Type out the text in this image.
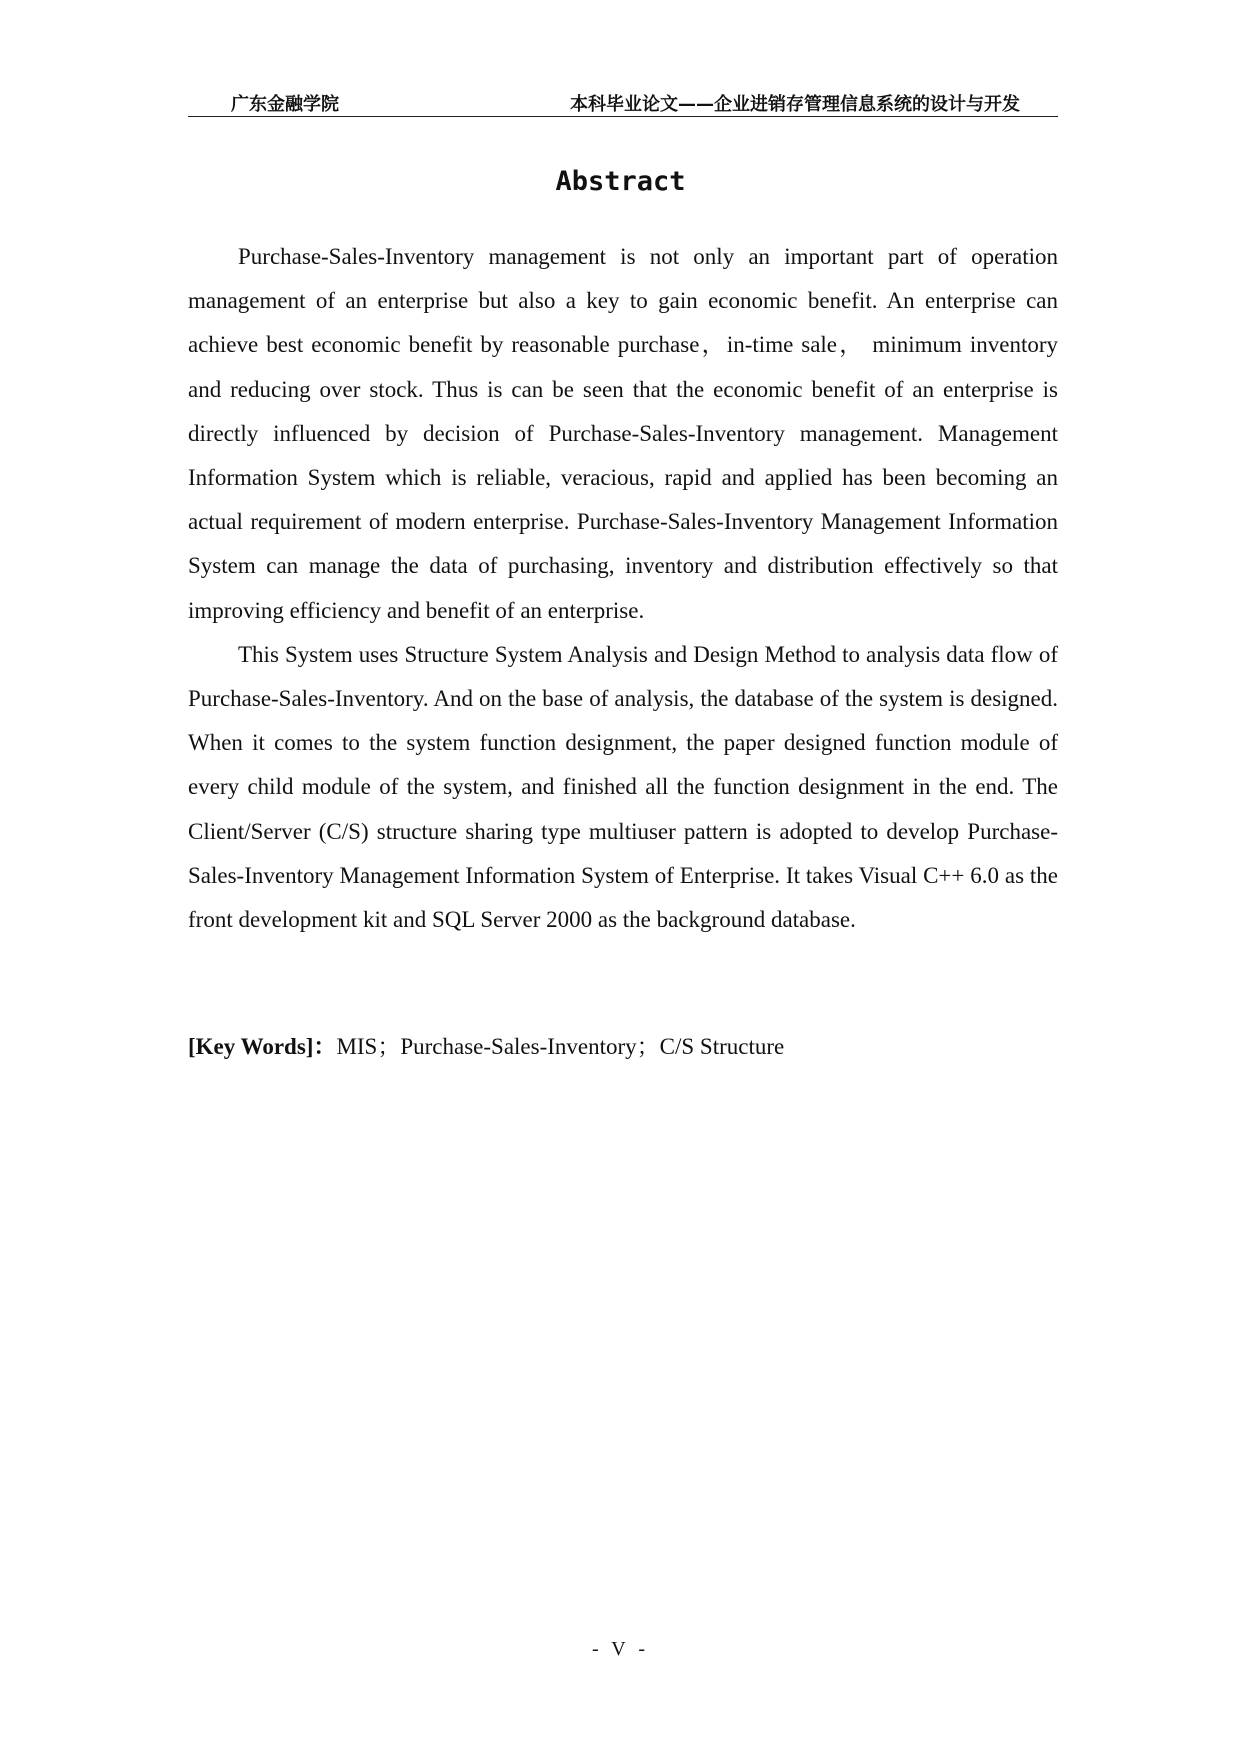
广东金融学院	本科毕业论文——企业进销存管理信息系统的设计与开发
Abstract

Purchase-Sales-Inventory management is not only an important part of operation management of an enterprise but also a key to gain economic benefit. An enterprise can achieve best economic benefit by reasonable purchase，in-time sale， minimum inventory and reducing over stock. Thus is can be seen that the economic benefit of an enterprise is directly influenced by decision of Purchase-Sales-Inventory management. Management Information System which is reliable, veracious, rapid and applied has been becoming an actual requirement of modern enterprise. Purchase-Sales-Inventory Management Information System can manage the data of purchasing, inventory and distribution effectively so that improving efficiency and benefit of an enterprise.

This System uses Structure System Analysis and Design Method to analysis data flow of Purchase-Sales-Inventory. And on the base of analysis, the database of the system is designed. When it comes to the system function designment, the paper designed function module of every child module of the system, and finished all the function designment in the end. The Client/Server (C/S) structure sharing type multiuser pattern is adopted to develop Purchase-Sales-Inventory Management Information System of Enterprise. It takes Visual C++ 6.0 as the front development kit and SQL Server 2000 as the background database.

[Key Words]：MIS；Purchase-Sales-Inventory；C/S Structure
- V -
